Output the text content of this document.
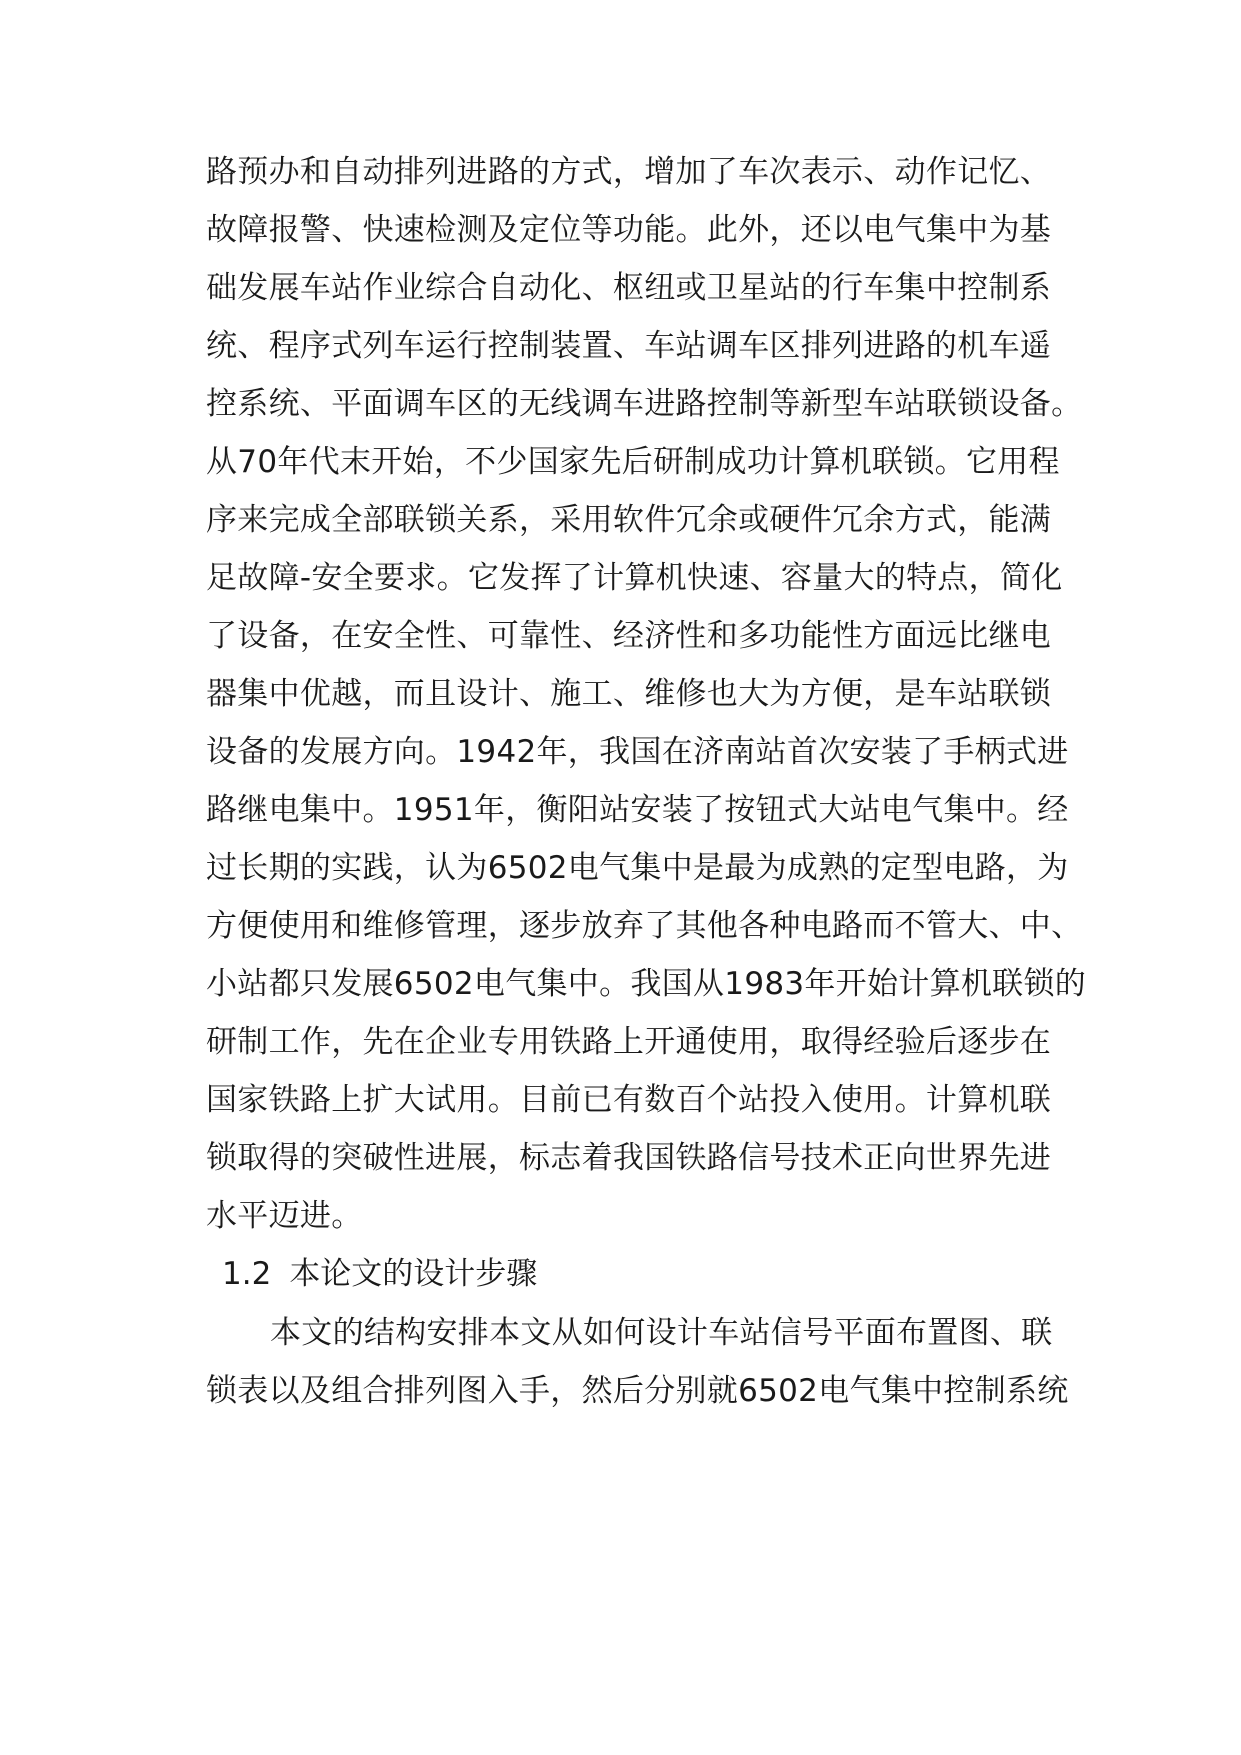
路预办和自动排列进路的方式，增加了车次表示、动作记忆、
故障报警、快速检测及定位等功能。此外，还以电气集中为基
础发展车站作业综合自动化、枢纽或卫星站的行车集中控制系
统、程序式列车运行控制装置、车站调车区排列进路的机车遥
控系统、平面调车区的无线调车进路控制等新型车站联锁设备。
从70年代末开始，不少国家先后研制成功计算机联锁。它用程
序来完成全部联锁关系，采用软件冗余或硬件冗余方式，能满
足故障-安全要求。它发挥了计算机快速、容量大的特点，简化
了设备，在安全性、可靠性、经济性和多功能性方面远比继电
器集中优越，而且设计、施工、维修也大为方便，是车站联锁
设备的发展方向。1942年，我国在济南站首次安装了手柄式进
路继电集中。1951年，衡阳站安装了按钮式大站电气集中。经
过长期的实践，认为6502电气集中是最为成熟的定型电路，为
方便使用和维修管理，逐步放弃了其他各种电路而不管大、中、
小站都只发展6502电气集中。我国从1983年开始计算机联锁的
研制工作，先在企业专用铁路上开通使用，取得经验后逐步在
国家铁路上扩大试用。目前已有数百个站投入使用。计算机联
锁取得的突破性进展，标志着我国铁路信号技术正向世界先进
水平迈进。
1.2 本论文的设计步骤
本文的结构安排本文从如何设计车站信号平面布置图、联
锁表以及组合排列图入手，然后分别就6502电气集中控制系统
